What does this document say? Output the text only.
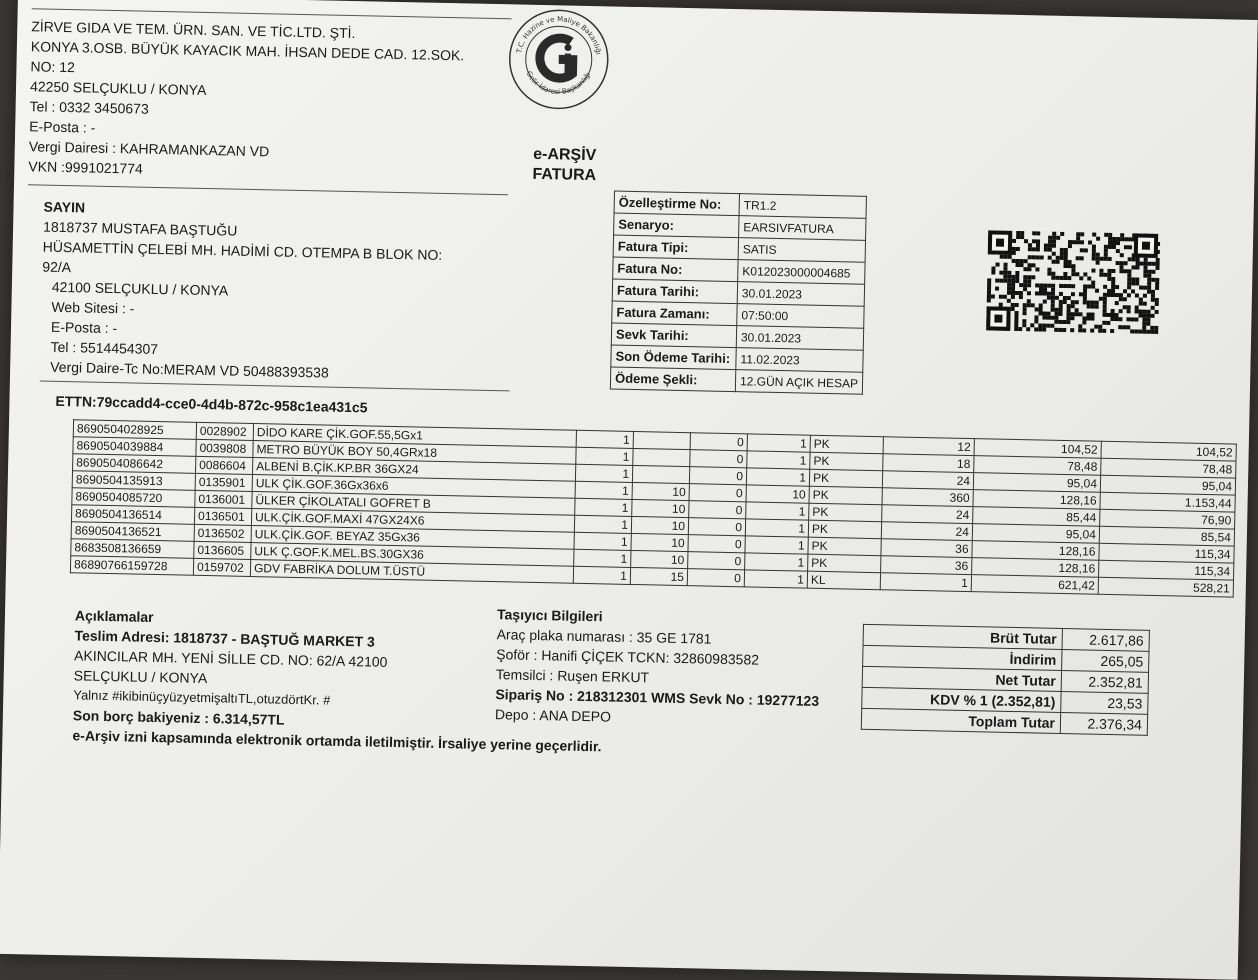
ZİRVE GIDA VE TEM. ÜRN. SAN. VE TİC.LTD. ŞTİ.
KONYA 3.OSB. BÜYÜK KAYACIK MAH. İHSAN DEDE CAD. 12.SOK.
NO: 12
42250 SELÇUKLU / KONYA
Tel : 0332 3450673
E-Posta : -
Vergi Dairesi : KAHRAMANKAZAN VD
VKN :9991021774
T.C. Hazine ve Maliye Bakanlığı
Gelir İdaresi Başkanlığı
e-ARŞİV
FATURA
SAYIN
1818737 MUSTAFA BAŞTUĞU
HÜSAMETTİN ÇELEBİ MH. HADİMİ CD. OTEMPA B BLOK NO:
92/A
42100 SELÇUKLU / KONYA
Web Sitesi : -
E-Posta : -
Tel : 5514454307
Vergi Daire-Tc No:MERAM VD 50488393538
ETTN:79ccadd4-cce0-4d4b-872c-958c1ea431c5
Özelleştirme No:	TR1.2
Senaryo:	EARSIVFATURA
Fatura Tipi:	SATIS
Fatura No:	K012023000004685
Fatura Tarihi:	30.01.2023
Fatura Zamanı:	07:50:00
Sevk Tarihi:	30.01.2023
Son Ödeme Tarihi:	11.02.2023
Ödeme Şekli:	12.GÜN AÇIK HESAP
8690504028925	0028902	DİDO KARE ÇİK.GOF.55,5Gx1	1		0	1	PK	12	104,52	104,52
8690504039884	0039808	METRO BÜYÜK BOY 50,4GRx18	1		0	1	PK	18	78,48	78,48
8690504086642	0086604	ALBENİ B.ÇİK.KP.BR 36GX24	1		0	1	PK	24	95,04	95,04
8690504135913	0135901	ULK ÇİK.GOF.36Gx36x6	1	10	0	10	PK	360	128,16	1.153,44
8690504085720	0136001	ÜLKER ÇİKOLATALI GOFRET B	1	10	0	1	PK	24	85,44	76,90
8690504136514	0136501	ULK.ÇİK.GOF.MAXİ 47GX24X6	1	10	0	1	PK	24	95,04	85,54
8690504136521	0136502	ULK.ÇİK.GOF. BEYAZ 35Gx36	1	10	0	1	PK	36	128,16	115,34
8683508136659	0136605	ULK Ç.GOF.K.MEL.BS.30GX36	1	10	0	1	PK	36	128,16	115,34
86890766159728	0159702	GDV FABRİKA DOLUM T.ÜSTÜ	1	15	0	1	KL	1	621,42	528,21
Açıklamalar
Teslim Adresi: 1818737 - BAŞTUĞ MARKET 3
AKINCILAR MH. YENİ SİLLE CD. NO: 62/A 42100
SELÇUKLU / KONYA
Yalnız #ikibinüçyüzyetmişaltıTL,otuzdörtKr. #
Son borç bakiyeniz : 6.314,57TL
e-Arşiv izni kapsamında elektronik ortamda iletilmiştir. İrsaliye yerine geçerlidir.
Taşıyıcı Bilgileri
Araç plaka numarası : 35 GE 1781
Şoför : Hanifi ÇİÇEK TCKN: 32860983582
Temsilci : Ruşen ERKUT
Sipariş No : 218312301 WMS Sevk No : 19277123
Depo : ANA DEPO
Brüt Tutar	2.617,86
İndirim	265,05
Net Tutar	2.352,81
KDV % 1 (2.352,81)	23,53
Toplam Tutar	2.376,34
